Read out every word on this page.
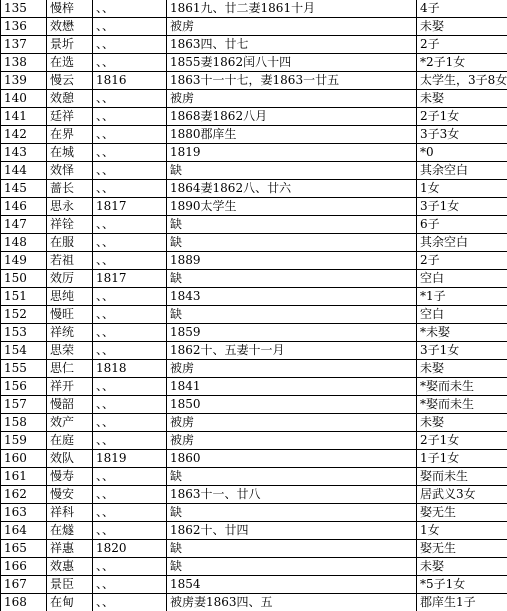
135	慢梓	、、	1861九、廿二妻1861十月	4子
136	效懋	、、	被虏	未娶
137	景圻	、、	1863四、廿七	2子
138	在选	、、	1855妻1862闰八十四	*2子1女
139	慢云	1816	1863十一十七，妻1863一廿五	太学生，3子8女
140	效憩	、、	被虏	未娶
141	廷祥	、、	1868妻1862八月	2子1女
142	在界	、、	1880郡庠生	3子3女
143	在城	、、	1819	*0
144	效怿	、、	缺	其余空白
145	蔷长	、、	1864妻1862八、廿六	1女
146	思永	1817	1890太学生	3子1女
147	祥铨	、、	缺	6子
148	在服	、、	缺	其余空白
149	若祖	、、	1889	2子
150	效厉	1817	缺	空白
151	思纯	、、	1843	*1子
152	慢旺	、、	缺	空白
153	祥统	、、	1859	*未娶
154	思荣	、、	1862十、五妻十一月	3子1女
155	思仁	1818	被虏	未娶
156	祥开	、、	1841	*娶而未生
157	慢韶	、、	1850	*娶而未生
158	效产	、、	被虏	未娶
159	在庭	、、	被虏	2子1女
160	效队	1819	1860	1子1女
161	慢寿	、、	缺	娶而未生
162	慢安	、、	1863十一、廿八	居武义3女
163	祥科	、、	缺	娶无生
164	在燧	、、	1862十、廿四	1女
165	祥惠	1820	缺	娶无生
166	效惠	、、	缺	未娶
167	景臣	、、	1854	*5子1女
168	在甸	、、	被虏妻1863四、五	郡庠生1子
